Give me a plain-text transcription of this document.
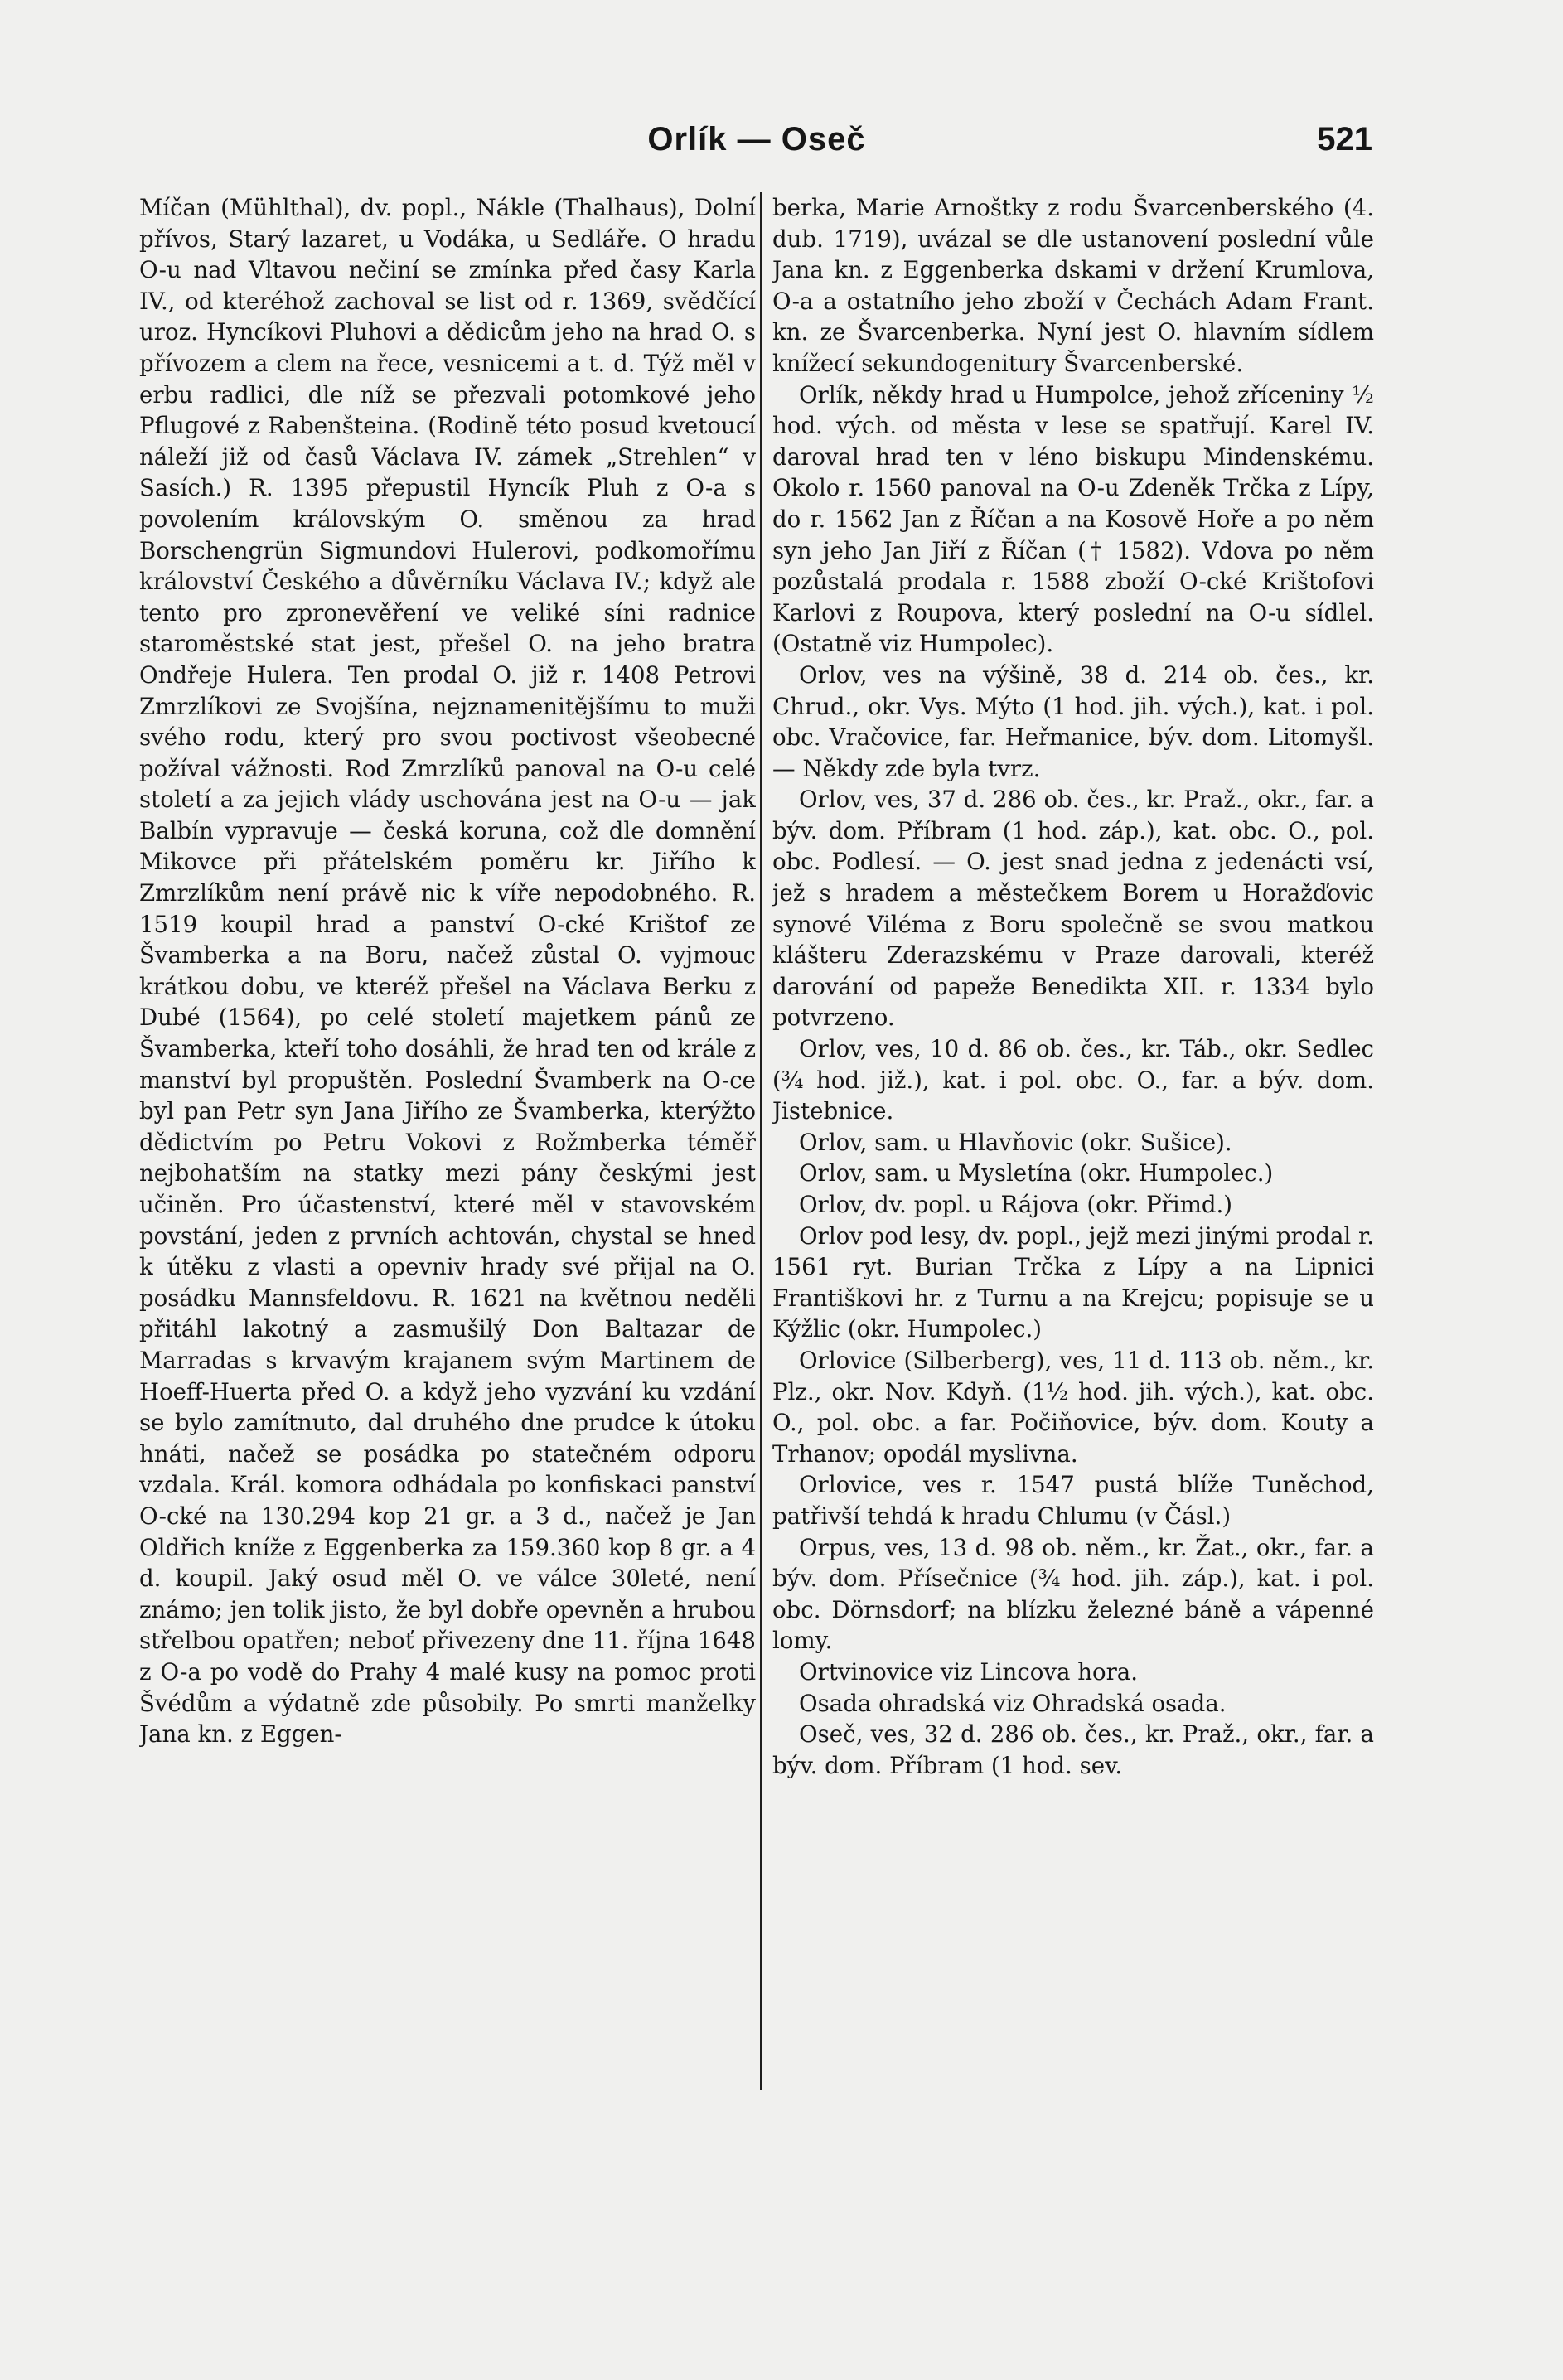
Orlík — Oseč	521

Míčan (Mühlthal), dv. popl., Nákle (Thalhaus), Dolní přívos, Starý lazaret, u Vodáka, u Sedláře. O hradu O-u nad Vltavou nečiní se zmínka před časy Karla IV., od kteréhož zachoval se list od r. 1369, svědčící uroz. Hyncíkovi Pluhovi a dědicům jeho na hrad O. s přívozem a clem na řece, vesnicemi a t. d. Týž měl v erbu radlici, dle níž se přezvali potomkové jeho Pflugové z Rabenšteina. (Rodině této posud kvetoucí náleží již od časů Václava IV. zámek „Strehlen“ v Sasích.) R. 1395 přepustil Hyncík Pluh z O-a s povolením královským O. směnou za hrad Borschengrün Sigmundovi Hulerovi, podkomořímu království Českého a důvěrníku Václava IV.; když ale tento pro zpronevěření ve veliké síni radnice staroměstské stat jest, přešel O. na jeho bratra Ondřeje Hulera. Ten prodal O. již r. 1408 Petrovi Zmrzlíkovi ze Svojšína, nejznamenitějšímu to muži svého rodu, který pro svou poctivost všeobecné požíval vážnosti. Rod Zmrzlíků panoval na O-u celé století a za jejich vlády uschována jest na O-u — jak Balbín vypravuje — česká koruna, což dle domnění Mikovce při přátelském poměru kr. Jiřího k Zmrzlíkům není právě nic k víře nepodobného. R. 1519 koupil hrad a panství O-cké Krištof ze Švamberka a na Boru, načež zůstal O. vyjmouc krátkou dobu, ve kteréž přešel na Václava Berku z Dubé (1564), po celé století majetkem pánů ze Švamberka, kteří toho dosáhli, že hrad ten od krále z manství byl propuštěn. Poslední Švamberk na O-ce byl pan Petr syn Jana Jiřího ze Švamberka, kterýžto dědictvím po Petru Vokovi z Rožmberka téměř nejbohatším na statky mezi pány českými jest učiněn. Pro účastenství, které měl v stavovském povstání, jeden z prvních achtován, chystal se hned k útěku z vlasti a opevniv hrady své přijal na O. posádku Mannsfeldovu. R. 1621 na květnou neděli přitáhl lakotný a zasmušilý Don Baltazar de Marradas s krvavým krajanem svým Martinem de Hoeff-Huerta před O. a když jeho vyzvání ku vzdání se bylo zamítnuto, dal druhého dne prudce k útoku hnáti, načež se posádka po statečném odporu vzdala. Král. komora odhádala po konfiskaci panství O-cké na 130.294 kop 21 gr. a 3 d., načež je Jan Oldřich kníže z Eggenberka za 159.360 kop 8 gr. a 4 d. koupil. Jaký osud měl O. ve válce 30leté, není známo; jen tolik jisto, že byl dobře opevněn a hrubou střelbou opatřen; neboť přivezeny dne 11. října 1648 z O-a po vodě do Prahy 4 malé kusy na pomoc proti Švédům a výdatně zde působily. Po smrti manželky Jana kn. z Eggen-

berka, Marie Arnoštky z rodu Švarcenberského (4. dub. 1719), uvázal se dle ustanovení poslední vůle Jana kn. z Eggenberka dskami v držení Krumlova, O-a a ostatního jeho zboží v Čechách Adam Frant. kn. ze Švarcenberka. Nyní jest O. hlavním sídlem knížecí sekundogenitury Švarcenberské.

Orlík, někdy hrad u Humpolce, jehož zříceniny ½ hod. vých. od města v lese se spatřují. Karel IV. daroval hrad ten v léno biskupu Mindenskému. Okolo r. 1560 panoval na O-u Zdeněk Trčka z Lípy, do r. 1562 Jan z Říčan a na Kosově Hoře a po něm syn jeho Jan Jiří z Říčan († 1582). Vdova po něm pozůstalá prodala r. 1588 zboží O-cké Krištofovi Karlovi z Roupova, který poslední na O-u sídlel. (Ostatně viz Humpolec).

Orlov, ves na výšině, 38 d. 214 ob. čes., kr. Chrud., okr. Vys. Mýto (1 hod. jih. vých.), kat. i pol. obc. Vračovice, far. Heřmanice, býv. dom. Litomyšl. — Někdy zde byla tvrz.

Orlov, ves, 37 d. 286 ob. čes., kr. Praž., okr., far. a býv. dom. Příbram (1 hod. záp.), kat. obc. O., pol. obc. Podlesí. — O. jest snad jedna z jedenácti vsí, jež s hradem a městečkem Borem u Horažďovic synové Viléma z Boru společně se svou matkou klášteru Zderazskému v Praze darovali, kteréž darování od papeže Benedikta XII. r. 1334 bylo potvrzeno.

Orlov, ves, 10 d. 86 ob. čes., kr. Táb., okr. Sedlec (¾ hod. již.), kat. i pol. obc. O., far. a býv. dom. Jistebnice.

Orlov, sam. u Hlavňovic (okr. Sušice).

Orlov, sam. u Mysletína (okr. Humpolec.)

Orlov, dv. popl. u Rájova (okr. Přimd.)

Orlov pod lesy, dv. popl., jejž mezi jinými prodal r. 1561 ryt. Burian Trčka z Lípy a na Lipnici Františkovi hr. z Turnu a na Krejcu; popisuje se u Kýžlic (okr. Humpolec.)

Orlovice (Silberberg), ves, 11 d. 113 ob. něm., kr. Plz., okr. Nov. Kdyň. (1½ hod. jih. vých.), kat. obc. O., pol. obc. a far. Počiňovice, býv. dom. Kouty a Trhanov; opodál myslivna.

Orlovice, ves r. 1547 pustá blíže Tuněchod, patřivší tehdá k hradu Chlumu (v Čásl.)

Orpus, ves, 13 d. 98 ob. něm., kr. Žat., okr., far. a býv. dom. Přísečnice (¾ hod. jih. záp.), kat. i pol. obc. Dörnsdorf; na blízku železné báně a vápenné lomy.

Ortvinovice viz Lincova hora.

Osada ohradská viz Ohradská osada.

Oseč, ves, 32 d. 286 ob. čes., kr. Praž., okr., far. a býv. dom. Příbram (1 hod. sev.
